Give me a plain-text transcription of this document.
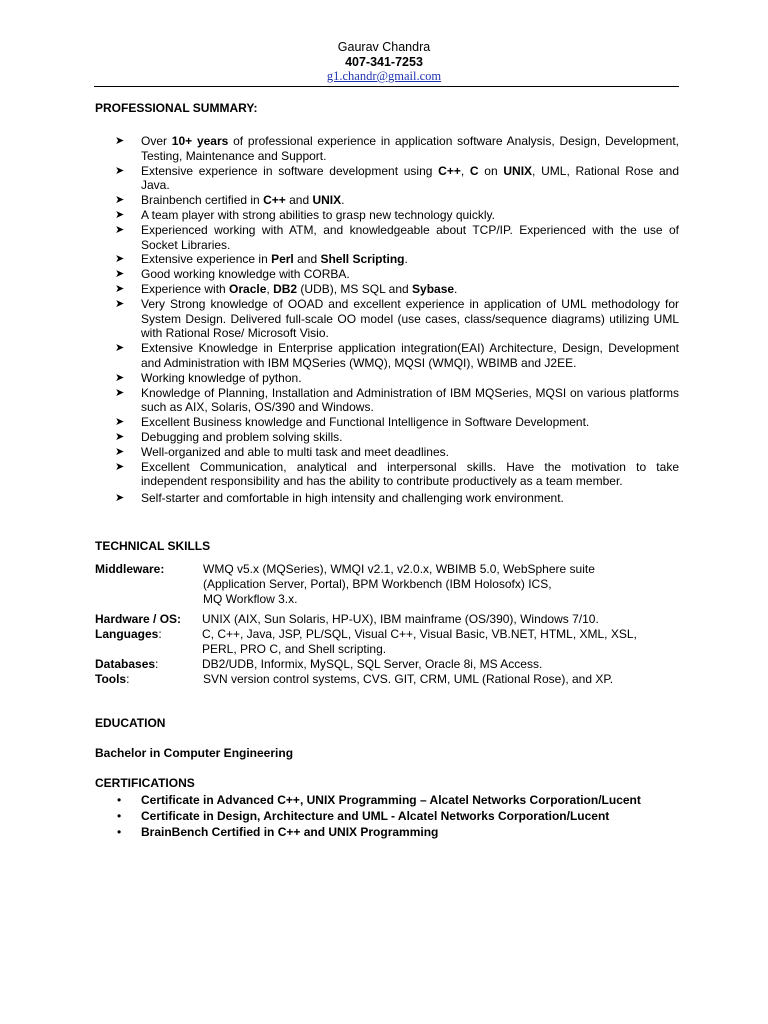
Gaurav Chandra
407-341-7253
g1.chandr@gmail.com
PROFESSIONAL SUMMARY:
➤ Over 10+ years of professional experience in application software Analysis, Design, Development, Testing, Maintenance and Support.
➤ Extensive experience in software development using C++, C on UNIX, UML, Rational Rose and Java.
➤ Brainbench certified in C++ and UNIX.
➤ A team player with strong abilities to grasp new technology quickly.
➤ Experienced working with ATM, and knowledgeable about TCP/IP. Experienced with the use of Socket Libraries.
➤ Extensive experience in Perl and Shell Scripting.
➤ Good working knowledge with CORBA.
➤ Experience with Oracle, DB2 (UDB), MS SQL and Sybase.
➤ Very Strong knowledge of OOAD and excellent experience in application of UML methodology for System Design. Delivered full-scale OO model (use cases, class/sequence diagrams) utilizing UML with Rational Rose/ Microsoft Visio.
➤ Extensive Knowledge in Enterprise application integration(EAI) Architecture, Design, Development and Administration with IBM MQSeries (WMQ), MQSI (WMQI), WBIMB and J2EE.
➤ Working knowledge of python.
➤ Knowledge of Planning, Installation and Administration of IBM MQSeries, MQSI on various platforms such as AIX, Solaris, OS/390 and Windows.
➤ Excellent Business knowledge and Functional Intelligence in Software Development.
➤ Debugging and problem solving skills.
➤ Well-organized and able to multi task and meet deadlines.
➤ Excellent Communication, analytical and interpersonal skills. Have the motivation to take independent responsibility and has the ability to contribute productively as a team member.
➤ Self-starter and comfortable in high intensity and challenging work environment.
TECHNICAL SKILLS
Middleware:	WMQ v5.x (MQSeries), WMQI v2.1, v2.0.x, WBIMB 5.0, WebSphere suite
(Application Server, Portal), BPM Workbench (IBM Holosofx) ICS,
MQ Workflow 3.x.
Hardware / OS: UNIX (AIX, Sun Solaris, HP-UX), IBM mainframe (OS/390), Windows 7/10.
Languages:	C, C++, Java, JSP, PL/SQL, Visual C++, Visual Basic, VB.NET, HTML, XML, XSL,
PERL, PRO C, and Shell scripting.
Databases:	DB2/UDB, Informix, MySQL, SQL Server, Oracle 8i, MS Access.
Tools:	SVN version control systems, CVS. GIT, CRM, UML (Rational Rose), and XP.
EDUCATION
Bachelor in Computer Engineering
CERTIFICATIONS
• Certificate in Advanced C++, UNIX Programming – Alcatel Networks Corporation/Lucent
• Certificate in Design, Architecture and UML - Alcatel Networks Corporation/Lucent
• BrainBench Certified in C++ and UNIX Programming
